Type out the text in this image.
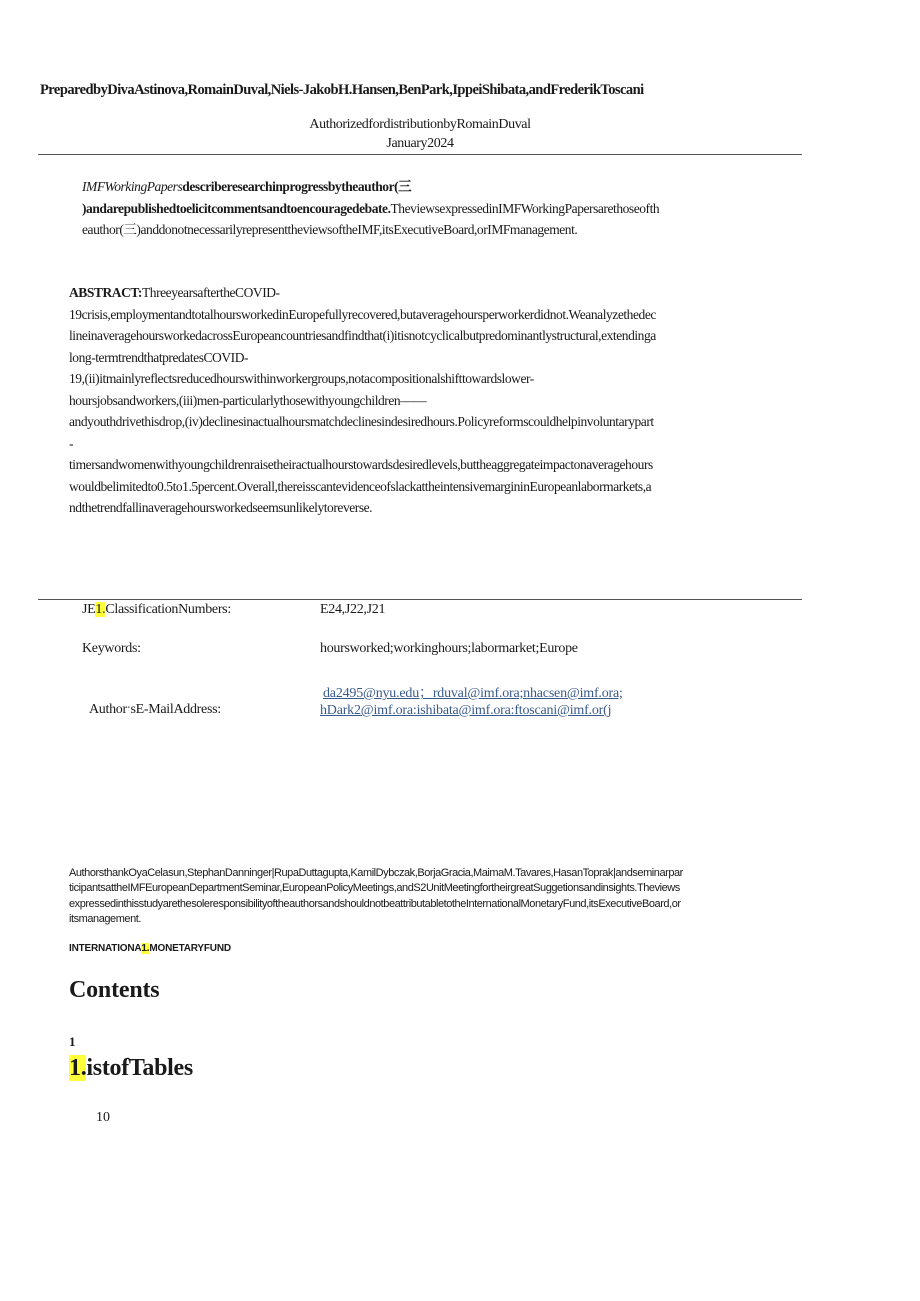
PreparedbyDivaAstinova,RomainDuval,Niels-JakobH.Hansen,BenPark,IppeiShibata,andFrederikToscani
AuthorizedfordistributionbyRomainDuval
January2024
IMFWorkingPapersdescriberesearchinprogressbytheauthor(三
)andarepublishedtoelicitcommentsandtoencouragedebate.TheviewsexpressedinIMFWorkingPapersarethoseofth
eauthor(三)anddonotnecessarilyrepresenttheviewsoftheIMF,itsExecutiveBoard,orIMFmanagement.
ABSTRACT:ThreeyearsaftertheCOVID-
19crisis,employmentandtotalhoursworkedinEuropefullyrecovered,butaveragehoursperworkerdidnot.Weanalyzethedec
lineinaveragehoursworkedacrossEuropeancountriesandfindthat(i)itisnotcyclicalbutpredominantlystructural,extendinga
long-termtrendthatpredatesCOVID-
19,(ii)itmainlyreflectsreducedhourswithinworkergroups,notacompositionalshifttowardslower-
hoursjobsandworkers,(iii)men-particularlythosewithyoungchildren——
andyouthdrivethisdrop,(iv)declinesinactualhoursmatchdeclinesindesiredhours.Policyreformscouldhelpinvoluntarypart
-
timersandwomenwithyoungchildrenraisetheiractualhourstowardsdesiredlevels,buttheaggregateimpactonaveragehours
wouldbelimitedto0.5to1.5percent.Overall,thereisscantevidenceofslackattheintensivemargininEuropeanlabormarkets,a
ndthetrendfallinaveragehoursworkedseemsunlikelytoreverse.
JE1.ClassificationNumbers:	E24,J22,J21
Keywords:	hoursworked;workinghours;labormarket;Europe
AuthorˑsE-MailAddress:
da2495@nyu.edu；rduval@imf.ora;nhacsen@imf.ora;
hDark2@imf.ora:ishibata@imf.ora:ftoscani@imf.or(j
AuthorsthankOyaCelasun,StephanDanninger|RupaDuttagupta,KamilDybczak,BorjaGracia,MaimaM.Tavares,HasanToprak|andseminarpar
ticipantsattheIMFEuropeanDepartmentSeminar,EuropeanPolicyMeetings,andS2UnitMeetingfortheirgreatSuggetionsandinsights.Theviews
expressedinthisstudyarethesoleresponsibilityoftheauthorsandshouldnotbeattributabletotheInternationalMonetaryFund,itsExecutiveBoard,or
itsmanagement.
INTERNATIONA1.MONETARYFUND
Contents
1
1.istofTables
10
